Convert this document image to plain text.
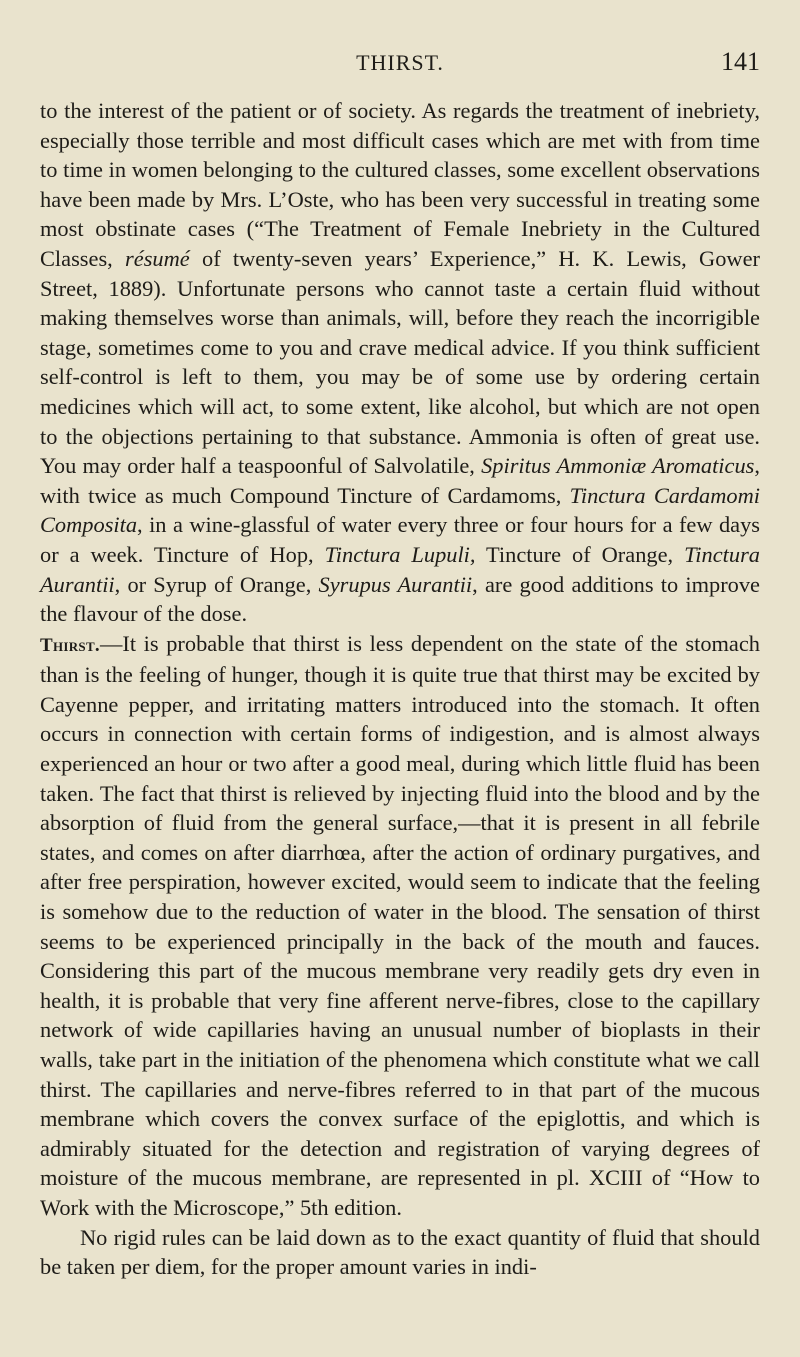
THIRST.	141

to the interest of the patient or of society. As regards the treatment of inebriety, especially those terrible and most difficult cases which are met with from time to time in women belonging to the cultured classes, some excellent observations have been made by Mrs. L’Oste, who has been very successful in treating some most obstinate cases (“The Treatment of Female Inebriety in the Cultured Classes, résumé of twenty-seven years’ Experience,” H. K. Lewis, Gower Street, 1889). Unfortunate persons who cannot taste a certain fluid without making themselves worse than animals, will, before they reach the incorrigible stage, sometimes come to you and crave medical advice. If you think sufficient self-control is left to them, you may be of some use by ordering certain medicines which will act, to some extent, like alcohol, but which are not open to the objections pertaining to that substance. Ammonia is often of great use. You may order half a teaspoonful of Salvolatile, Spiritus Ammoniæ Aromaticus, with twice as much Compound Tincture of Cardamoms, Tinctura Cardamomi Composita, in a wine-glassful of water every three or four hours for a few days or a week. Tincture of Hop, Tinctura Lupuli, Tincture of Orange, Tinctura Aurantii, or Syrup of Orange, Syrupus Aurantii, are good additions to improve the flavour of the dose.

Thirst.—It is probable that thirst is less dependent on the state of the stomach than is the feeling of hunger, though it is quite true that thirst may be excited by Cayenne pepper, and irritating matters introduced into the stomach. It often occurs in connection with certain forms of indigestion, and is almost always experienced an hour or two after a good meal, during which little fluid has been taken. The fact that thirst is relieved by injecting fluid into the blood and by the absorption of fluid from the general surface,—that it is present in all febrile states, and comes on after diarrhœa, after the action of ordinary purgatives, and after free perspiration, however excited, would seem to indicate that the feeling is somehow due to the reduction of water in the blood. The sensation of thirst seems to be experienced principally in the back of the mouth and fauces. Considering this part of the mucous membrane very readily gets dry even in health, it is probable that very fine afferent nerve-fibres, close to the capillary network of wide capillaries having an unusual number of bioplasts in their walls, take part in the initiation of the phenomena which constitute what we call thirst. The capillaries and nerve-fibres referred to in that part of the mucous membrane which covers the convex surface of the epiglottis, and which is admirably situated for the detection and registration of varying degrees of moisture of the mucous membrane, are represented in pl. XCIII of “How to Work with the Microscope,” 5th edition.

No rigid rules can be laid down as to the exact quantity of fluid that should be taken per diem, for the proper amount varies in indi-
